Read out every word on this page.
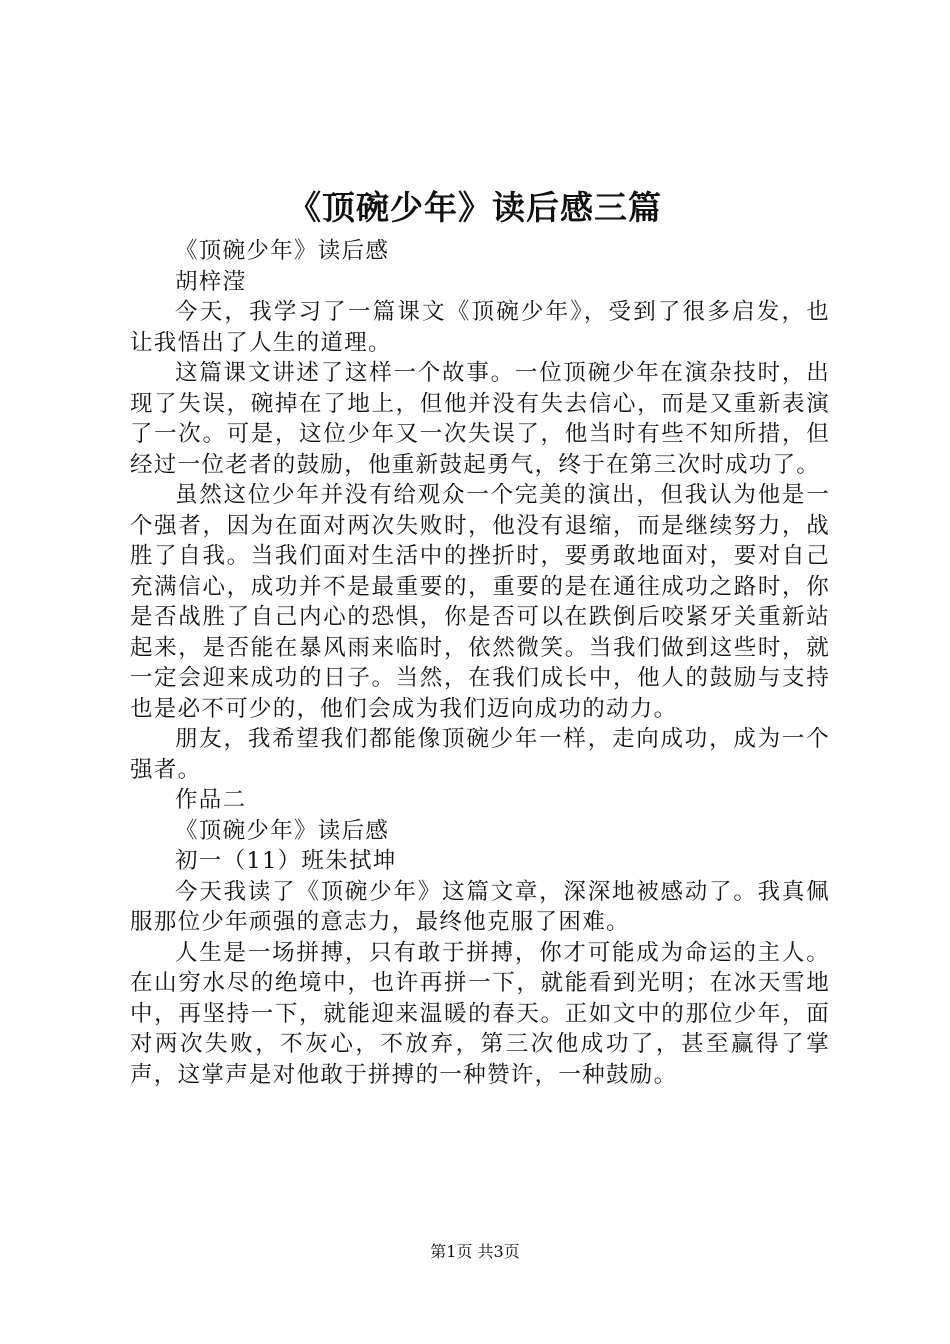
《顶碗少年》读后感三篇

《顶碗少年》读后感

胡梓滢

今天，我学习了一篇课文《顶碗少年》，受到了很多启发，也让我悟出了人生的道理。

这篇课文讲述了这样一个故事。一位顶碗少年在演杂技时，出现了失误，碗掉在了地上，但他并没有失去信心，而是又重新表演了一次。可是，这位少年又一次失误了，他当时有些不知所措，但经过一位老者的鼓励，他重新鼓起勇气，终于在第三次时成功了。

虽然这位少年并没有给观众一个完美的演出，但我认为他是一个强者，因为在面对两次失败时，他没有退缩，而是继续努力，战胜了自我。当我们面对生活中的挫折时，要勇敢地面对，要对自己充满信心，成功并不是最重要的，重要的是在通往成功之路时，你是否战胜了自己内心的恐惧，你是否可以在跌倒后咬紧牙关重新站起来，是否能在暴风雨来临时，依然微笑。当我们做到这些时，就一定会迎来成功的日子。当然，在我们成长中，他人的鼓励与支持也是必不可少的，他们会成为我们迈向成功的动力。

朋友，我希望我们都能像顶碗少年一样，走向成功，成为一个强者。

作品二

《顶碗少年》读后感

初一（11）班朱拭坤

今天我读了《顶碗少年》这篇文章，深深地被感动了。我真佩服那位少年顽强的意志力，最终他克服了困难。

人生是一场拼搏，只有敢于拼搏，你才可能成为命运的主人。在山穷水尽的绝境中，也许再拼一下，就能看到光明；在冰天雪地中，再坚持一下，就能迎来温暖的春天。正如文中的那位少年，面对两次失败，不灰心，不放弃，第三次他成功了，甚至赢得了掌声，这掌声是对他敢于拼搏的一种赞许，一种鼓励。

第1页 共3页
